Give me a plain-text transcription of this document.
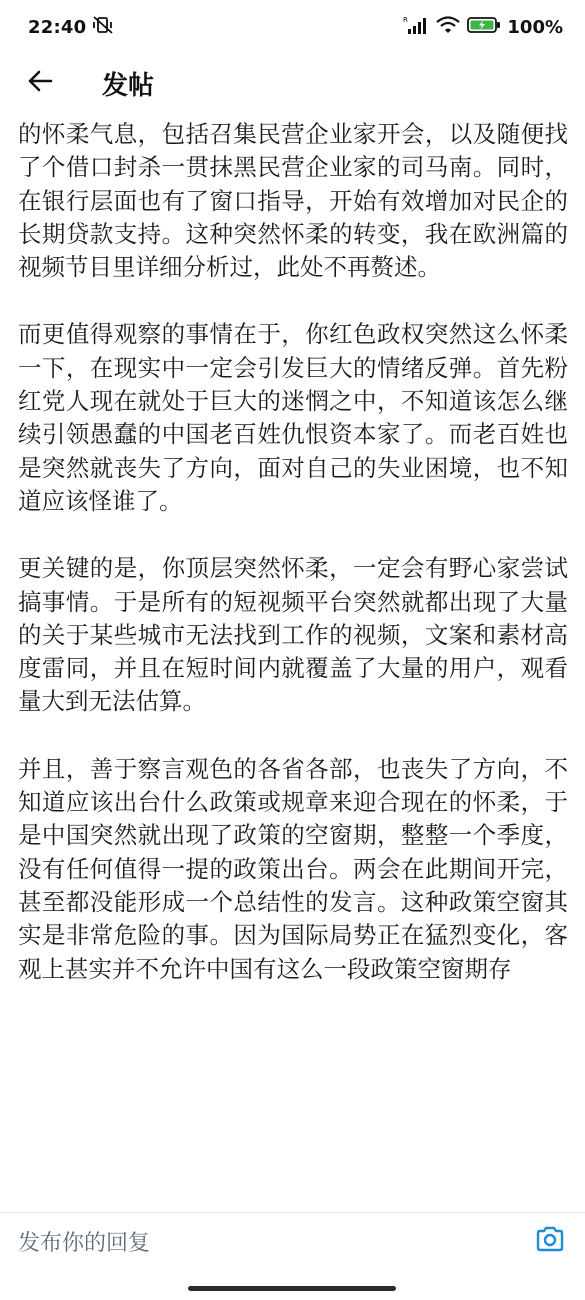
22:40	R	100%
发帖

的怀柔气息，包括召集民营企业家开会，以及随便找了个借口封杀一贯抹黑民营企业家的司马南。同时，在银行层面也有了窗口指导，开始有效增加对民企的长期贷款支持。这种突然怀柔的转变，我在欧洲篇的视频节目里详细分析过，此处不再赘述。

而更值得观察的事情在于，你红色政权突然这么怀柔一下，在现实中一定会引发巨大的情绪反弹。首先粉红党人现在就处于巨大的迷惘之中，不知道该怎么继续引领愚蠢的中国老百姓仇恨资本家了。而老百姓也是突然就丧失了方向，面对自己的失业困境，也不知道应该怪谁了。

更关键的是，你顶层突然怀柔，一定会有野心家尝试搞事情。于是所有的短视频平台突然就都出现了大量的关于某些城市无法找到工作的视频，文案和素材高度雷同，并且在短时间内就覆盖了大量的用户，观看量大到无法估算。

并且，善于察言观色的各省各部，也丧失了方向，不知道应该出台什么政策或规章来迎合现在的怀柔，于是中国突然就出现了政策的空窗期，整整一个季度，没有任何值得一提的政策出台。两会在此期间开完，甚至都没能形成一个总结性的发言。这种政策空窗其实是非常危险的事。因为国际局势正在猛烈变化，客观上甚实并不允许中国有这么一段政策空窗期存

发布你的回复
